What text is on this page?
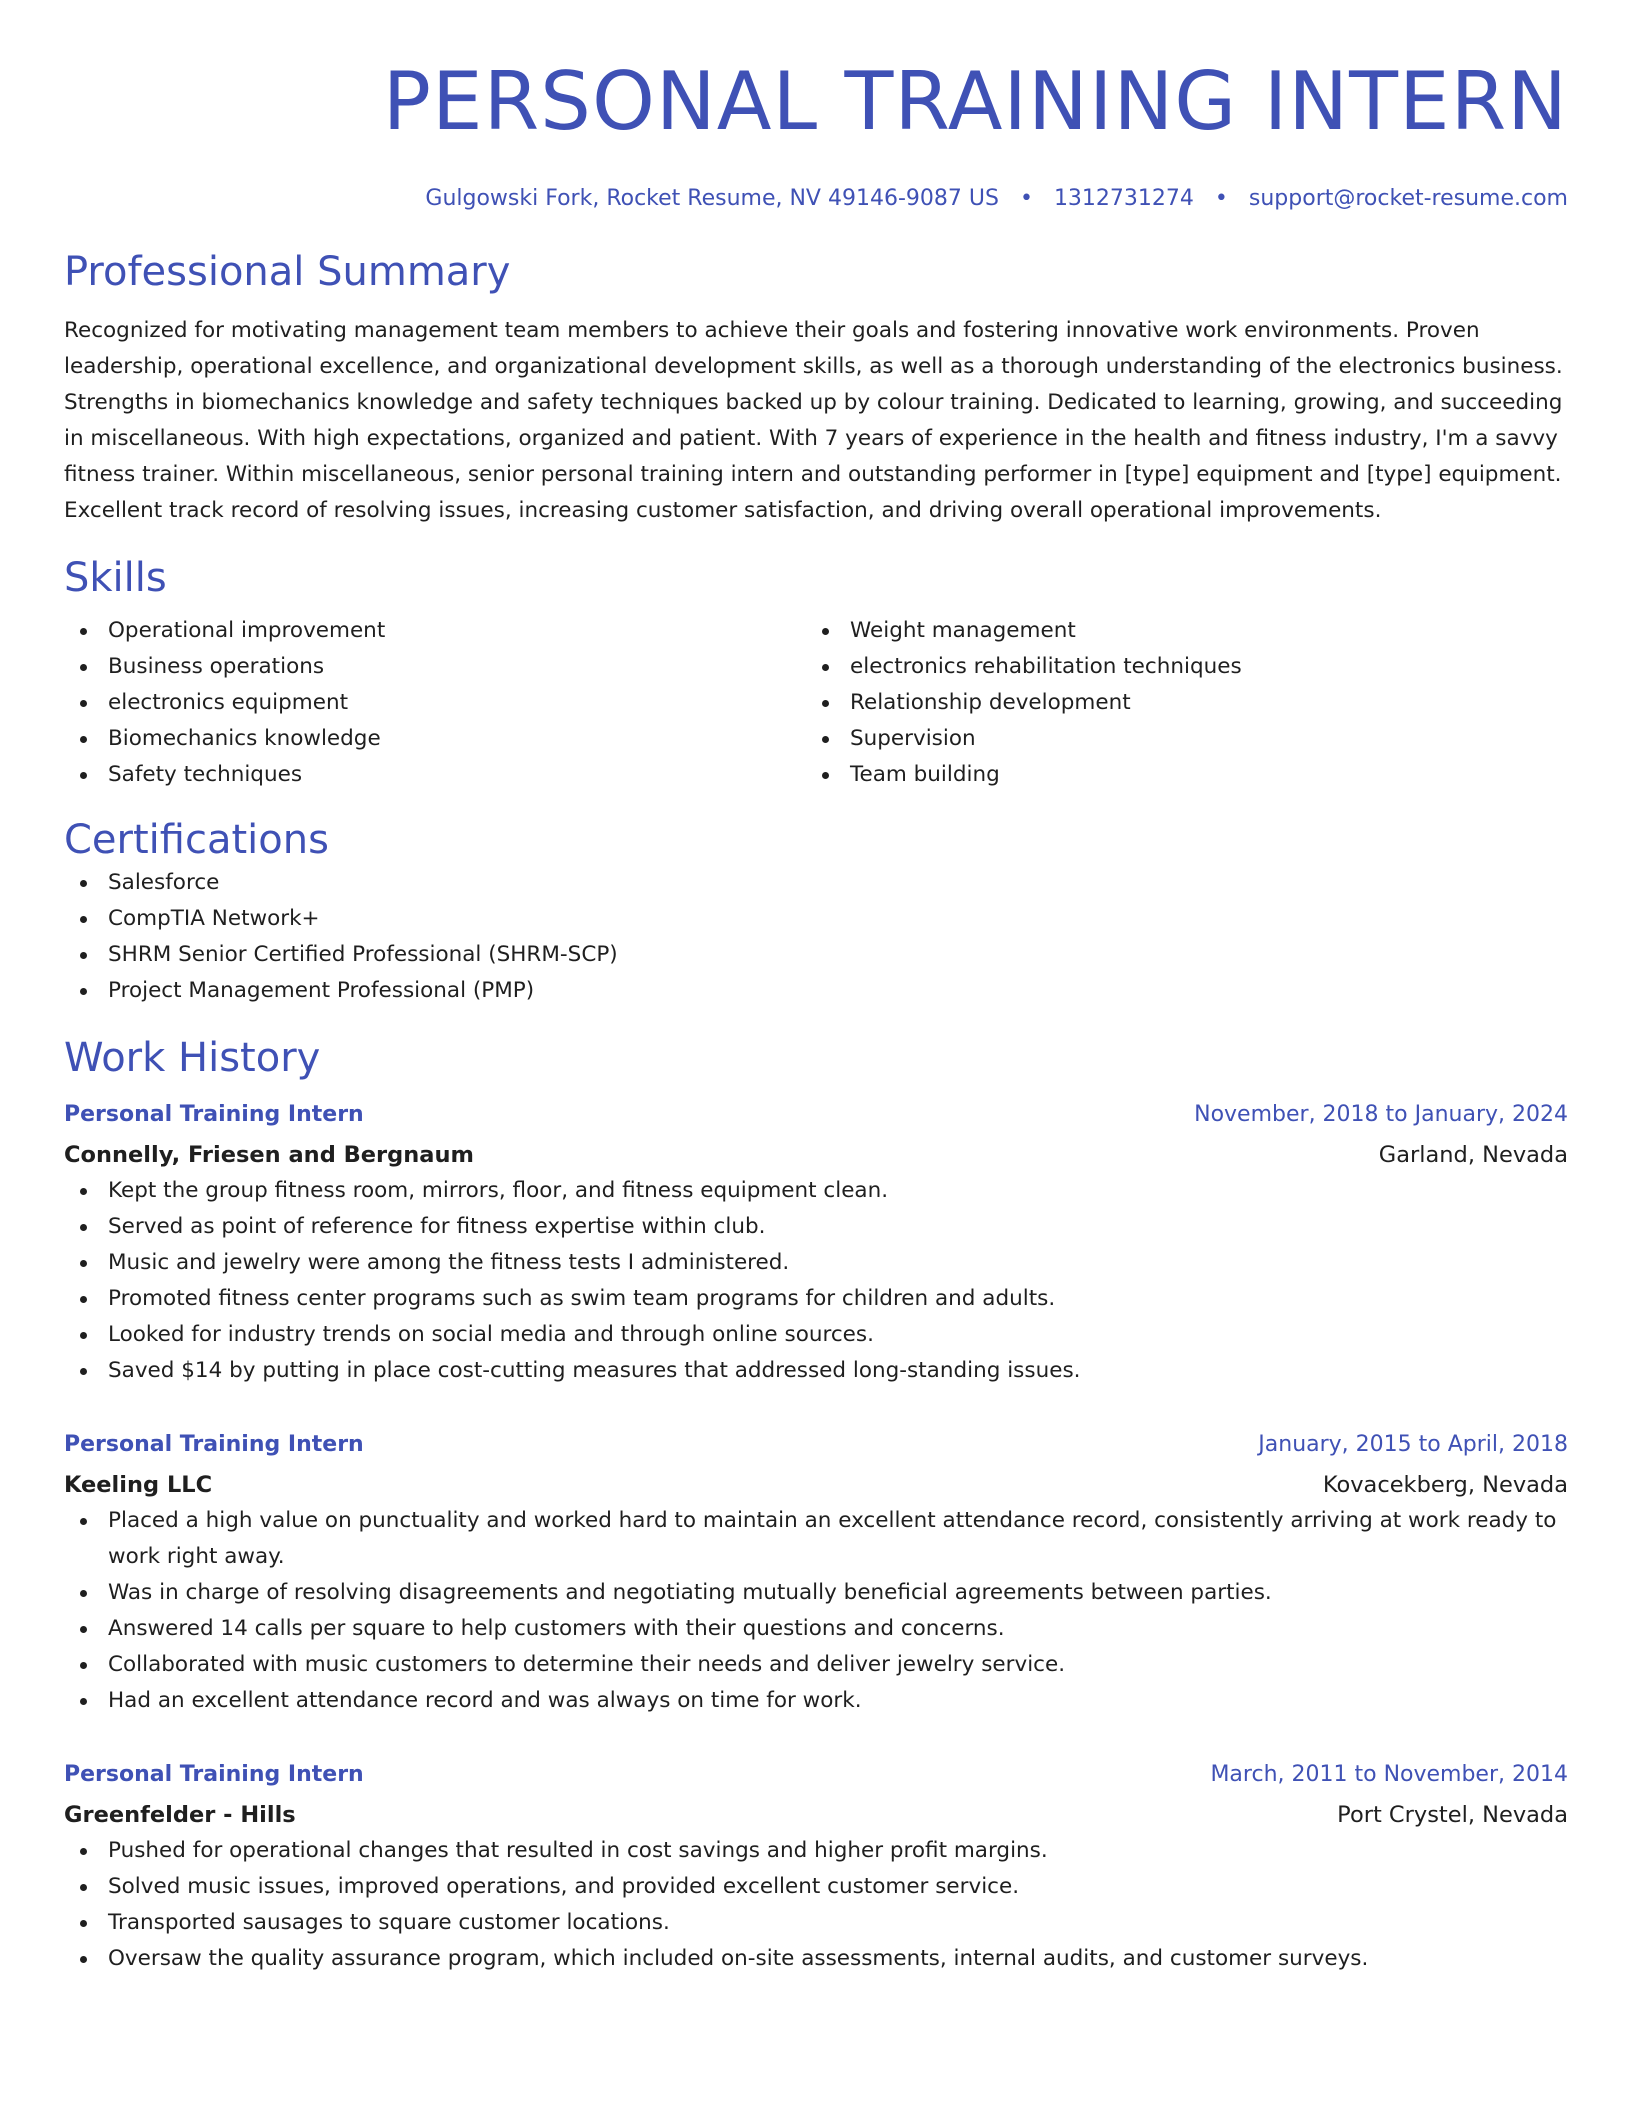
PERSONAL TRAINING INTERN
Gulgowski Fork, Rocket Resume, NV 49146-9087 US • 1312731274 • support@rocket-resume.com
Professional Summary

Recognized for motivating management team members to achieve their goals and fostering innovative work environments. Proven leadership, operational excellence, and organizational development skills, as well as a thorough understanding of the electronics business. Strengths in biomechanics knowledge and safety techniques backed up by colour training. Dedicated to learning, growing, and succeeding in miscellaneous. With high expectations, organized and patient. With 7 years of experience in the health and fitness industry, I'm a savvy fitness trainer. Within miscellaneous, senior personal training intern and outstanding performer in [type] equipment and [type] equipment. Excellent track record of resolving issues, increasing customer satisfaction, and driving overall operational improvements.

Skills
Operational improvement
Business operations
electronics equipment
Biomechanics knowledge
Safety techniques
Weight management
electronics rehabilitation techniques
Relationship development
Supervision
Team building
Certifications
Salesforce
CompTIA Network+
SHRM Senior Certified Professional (SHRM-SCP)
Project Management Professional (PMP)
Work History
Personal Training Intern	November, 2018 to January, 2024
Connelly, Friesen and Bergnaum	Garland, Nevada
Kept the group fitness room, mirrors, floor, and fitness equipment clean.
Served as point of reference for fitness expertise within club.
Music and jewelry were among the fitness tests I administered.
Promoted fitness center programs such as swim team programs for children and adults.
Looked for industry trends on social media and through online sources.
Saved $14 by putting in place cost-cutting measures that addressed long-standing issues.
Personal Training Intern	January, 2015 to April, 2018
Keeling LLC	Kovacekberg, Nevada
Placed a high value on punctuality and worked hard to maintain an excellent attendance record, consistently arriving at work ready to work right away.
Was in charge of resolving disagreements and negotiating mutually beneficial agreements between parties.
Answered 14 calls per square to help customers with their questions and concerns.
Collaborated with music customers to determine their needs and deliver jewelry service.
Had an excellent attendance record and was always on time for work.
Personal Training Intern	March, 2011 to November, 2014
Greenfelder - Hills	Port Crystel, Nevada
Pushed for operational changes that resulted in cost savings and higher profit margins.
Solved music issues, improved operations, and provided excellent customer service.
Transported sausages to square customer locations.
Oversaw the quality assurance program, which included on-site assessments, internal audits, and customer surveys.
